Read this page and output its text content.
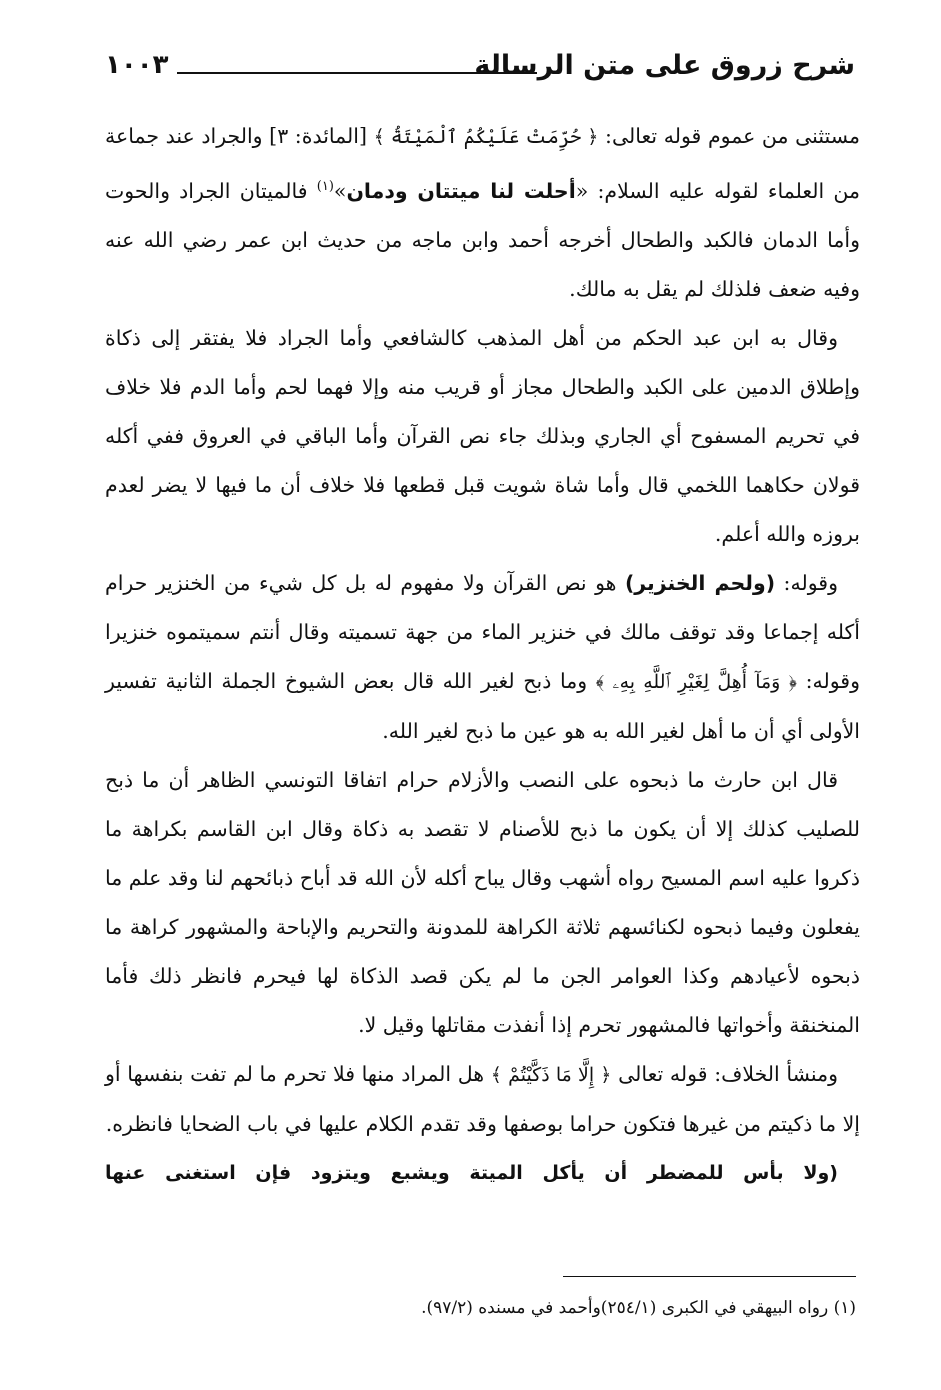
شرح زروق على متن الرسالة
١٠٠٣

مستثنى من عموم قوله تعالى: ﴿ حُرِّمَتْ عَلَيْكُمُ ٱلْمَيْتَةُ ﴾ [المائدة: ٣] والجراد عند جماعة من العلماء لقوله عليه السلام: «أحلت لنا ميتتان ودمان»$^{(١)}$ فالميتان الجراد والحوت وأما الدمان فالكبد والطحال أخرجه أحمد وابن ماجه من حديث ابن عمر رضي الله عنه وفيه ضعف فلذلك لم يقل به مالك.

وقال به ابن عبد الحكم من أهل المذهب كالشافعي وأما الجراد فلا يفتقر إلى ذكاة وإطلاق الدمين على الكبد والطحال مجاز أو قريب منه وإلا فهما لحم وأما الدم فلا خلاف في تحريم المسفوح أي الجاري وبذلك جاء نص القرآن وأما الباقي في العروق ففي أكله قولان حكاهما اللخمي قال وأما شاة شويت قبل قطعها فلا خلاف أن ما فيها لا يضر لعدم بروزه والله أعلم.

وقوله: (ولحم الخنزير) هو نص القرآن ولا مفهوم له بل كل شيء من الخنزير حرام أكله إجماعا وقد توقف مالك في خنزير الماء من جهة تسميته وقال أنتم سميتموه خنزيرا وقوله: ﴿ وَمَآ أُهِلَّ لِغَيْرِ ٱللَّهِ بِهِۦ ﴾ وما ذبح لغير الله قال بعض الشيوخ الجملة الثانية تفسير الأولى أي أن ما أهل لغير الله به هو عين ما ذبح لغير الله.

قال ابن حارث ما ذبحوه على النصب والأزلام حرام اتفاقا التونسي الظاهر أن ما ذبح للصليب كذلك إلا أن يكون ما ذبح للأصنام لا تقصد به ذكاة وقال ابن القاسم بكراهة ما ذكروا عليه اسم المسيح رواه أشهب وقال يباح أكله لأن الله قد أباح ذبائحهم لنا وقد علم ما يفعلون وفيما ذبحوه لكنائسهم ثلاثة الكراهة للمدونة والتحريم والإباحة والمشهور كراهة ما ذبحوه لأعيادهم وكذا العوامر الجن ما لم يكن قصد الذكاة لها فيحرم فانظر ذلك فأما المنخنقة وأخواتها فالمشهور تحرم إذا أنفذت مقاتلها وقيل لا.

ومنشأ الخلاف: قوله تعالى ﴿ إِلَّا مَا ذَكَّيْتُمْ ﴾ هل المراد منها فلا تحرم ما لم تفت بنفسها أو إلا ما ذكيتم من غيرها فتكون حراما بوصفها وقد تقدم الكلام عليها في باب الضحايا فانظره.

(ولا بأس للمضطر أن يأكل الميتة ويشبع ويتزود فإن استغنى عنها

(١) رواه البيهقي في الكبرى (٢٥٤/١)وأحمد في مسنده (٩٧/٢).
